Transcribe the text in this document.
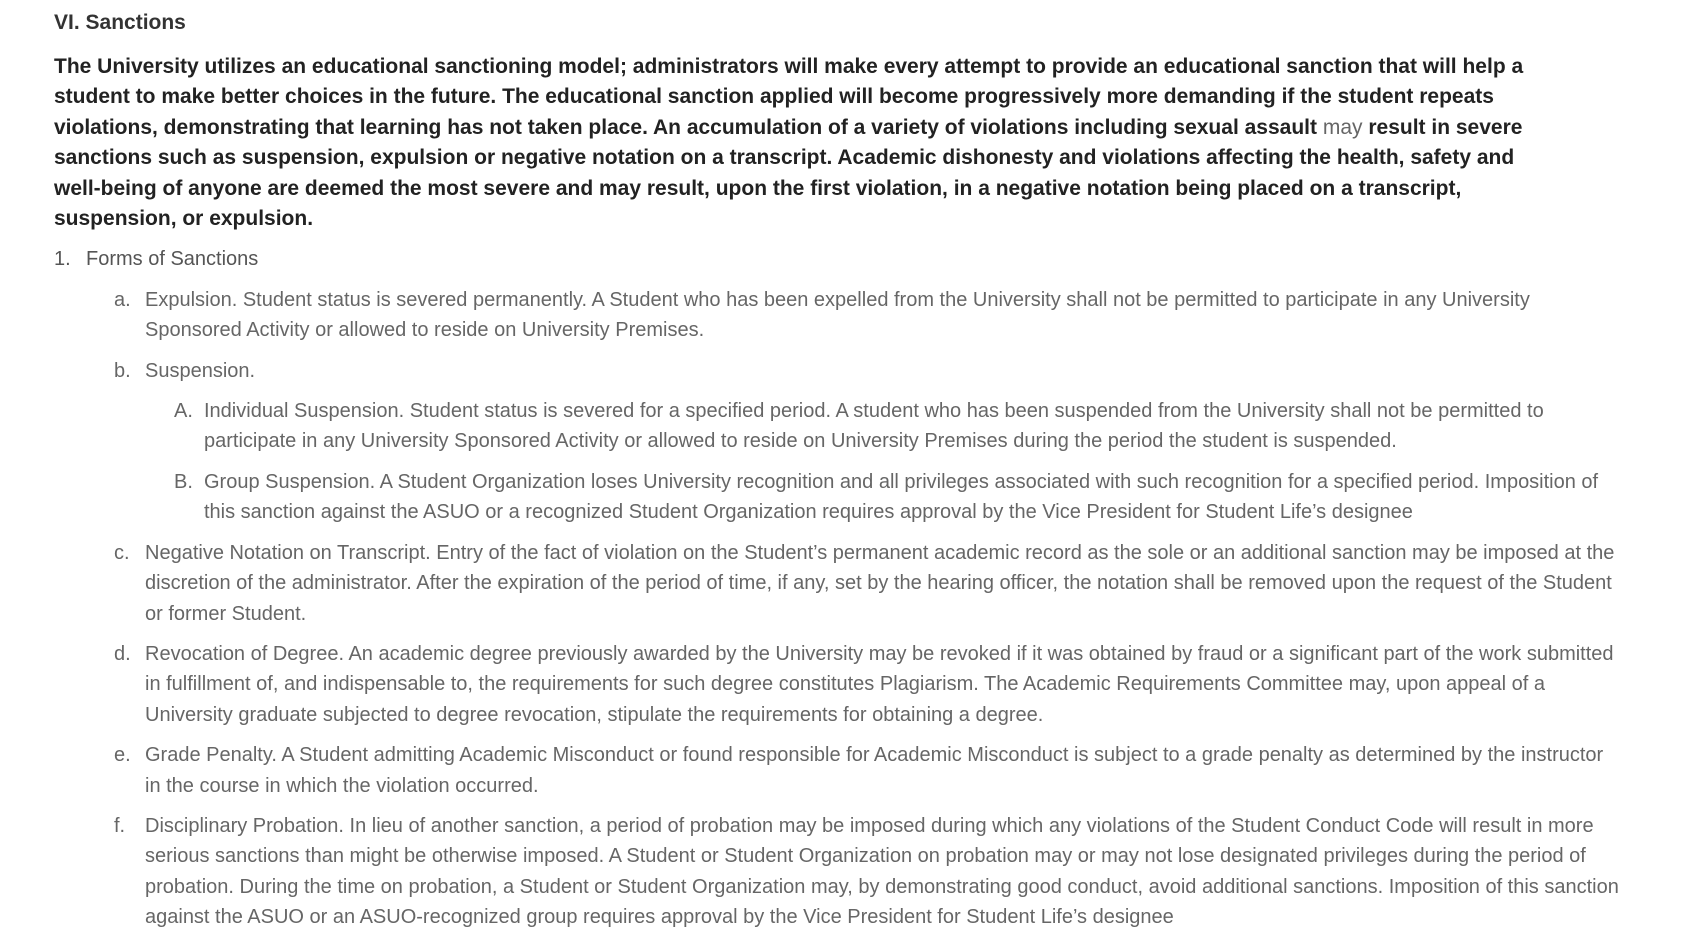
VI. Sanctions

The University utilizes an educational sanctioning model; administrators will make every attempt to provide an educational sanction that will help a student to make better choices in the future. The educational sanction applied will become progressively more demanding if the student repeats violations, demonstrating that learning has not taken place. An accumulation of a variety of violations including sexual assault may result in severe sanctions such as suspension, expulsion or negative notation on a transcript. Academic dishonesty and violations affecting the health, safety and well-being of anyone are deemed the most severe and may result, upon the first violation, in a negative notation being placed on a transcript, suspension, or expulsion.

1. Forms of Sanctions
a. Expulsion. Student status is severed permanently. A Student who has been expelled from the University shall not be permitted to participate in any University Sponsored Activity or allowed to reside on University Premises.
b. Suspension.
A. Individual Suspension. Student status is severed for a specified period. A student who has been suspended from the University shall not be permitted to participate in any University Sponsored Activity or allowed to reside on University Premises during the period the student is suspended.
B. Group Suspension. A Student Organization loses University recognition and all privileges associated with such recognition for a specified period. Imposition of this sanction against the ASUO or a recognized Student Organization requires approval by the Vice President for Student Life’s designee
c. Negative Notation on Transcript. Entry of the fact of violation on the Student’s permanent academic record as the sole or an additional sanction may be imposed at the discretion of the administrator. After the expiration of the period of time, if any, set by the hearing officer, the notation shall be removed upon the request of the Student or former Student.
d. Revocation of Degree. An academic degree previously awarded by the University may be revoked if it was obtained by fraud or a significant part of the work submitted in fulfillment of, and indispensable to, the requirements for such degree constitutes Plagiarism. The Academic Requirements Committee may, upon appeal of a University graduate subjected to degree revocation, stipulate the requirements for obtaining a degree.
e. Grade Penalty. A Student admitting Academic Misconduct or found responsible for Academic Misconduct is subject to a grade penalty as determined by the instructor in the course in which the violation occurred.
f. Disciplinary Probation. In lieu of another sanction, a period of probation may be imposed during which any violations of the Student Conduct Code will result in more serious sanctions than might be otherwise imposed. A Student or Student Organization on probation may or may not lose designated privileges during the period of probation. During the time on probation, a Student or Student Organization may, by demonstrating good conduct, avoid additional sanctions. Imposition of this sanction against the ASUO or an ASUO-recognized group requires approval by the Vice President for Student Life’s designee
